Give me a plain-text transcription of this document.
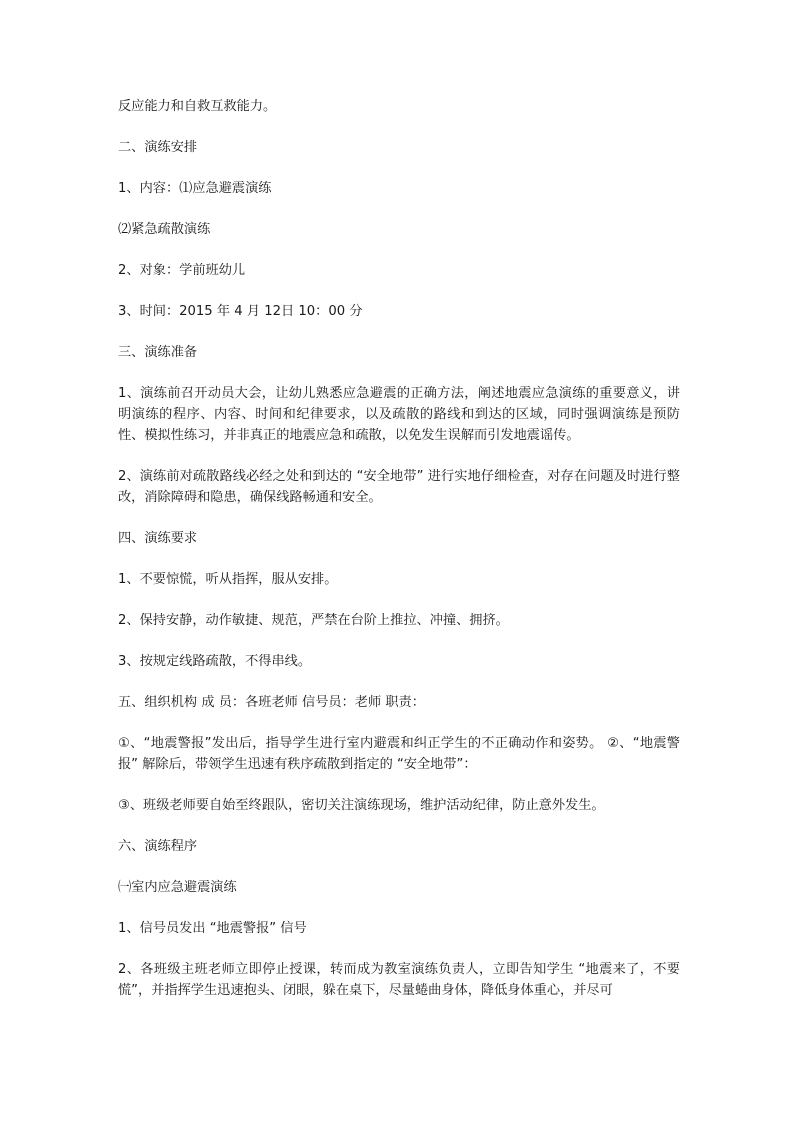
反应能力和自救互救能力。

二、演练安排

1、内容：⑴应急避震演练

⑵紧急疏散演练

2、对象：学前班幼儿

3、时间：2015 年 4 月 12日 10：00 分

三、演练准备

1、演练前召开动员大会，让幼儿熟悉应急避震的正确方法，阐述地震应急演练的重要意义，讲明演练的程序、内容、时间和纪律要求，以及疏散的路线和到达的区域，同时强调演练是预防性、模拟性练习，并非真正的地震应急和疏散，以免发生误解而引发地震谣传。

2、演练前对疏散路线必经之处和到达的 “安全地带” 进行实地仔细检查，对存在问题及时进行整改，消除障碍和隐患，确保线路畅通和安全。

四、演练要求

1、不要惊慌，听从指挥，服从安排。

2、保持安静，动作敏捷、规范，严禁在台阶上推拉、冲撞、拥挤。

3、按规定线路疏散，不得串线。

五、组织机构 成 员：各班老师 信号员：老师 职责：

①、“地震警报”发出后，指导学生进行室内避震和纠正学生的不正确动作和姿势。 ②、“地震警报” 解除后，带领学生迅速有秩序疏散到指定的 “安全地带”：

③、班级老师要自始至终跟队，密切关注演练现场，维护活动纪律，防止意外发生。

六、演练程序

㈠室内应急避震演练

1、信号员发出 “地震警报” 信号

2、各班级主班老师立即停止授课，转而成为教室演练负责人，立即告知学生 “地震来了，不要慌”，并指挥学生迅速抱头、闭眼，躲在桌下，尽量蜷曲身体，降低身体重心，并尽可
